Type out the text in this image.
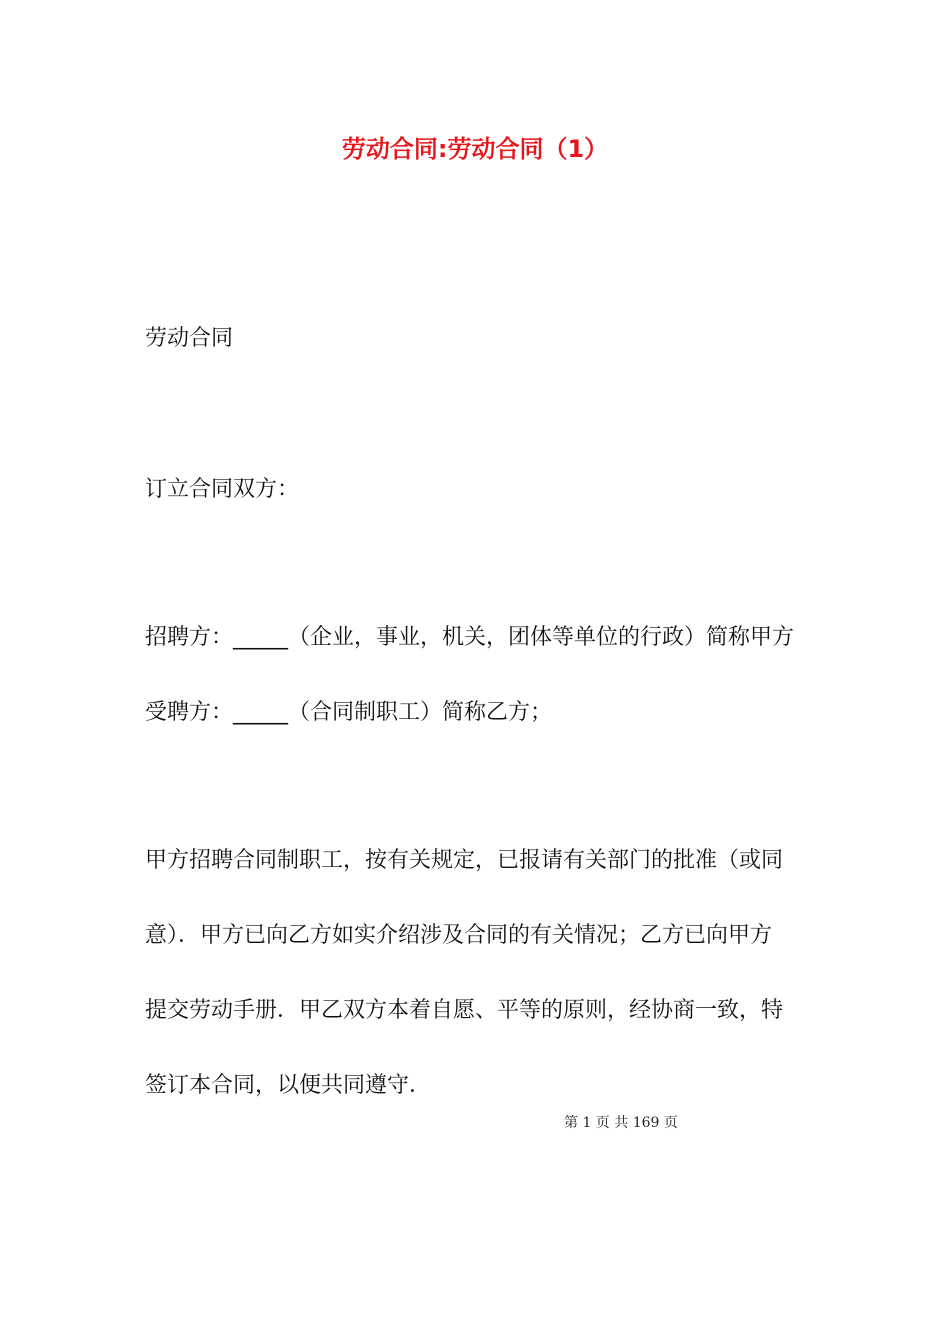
劳动合同:劳动合同（1）
劳动合同
订立合同双方：
招聘方：_____（企业，事业，机关，团体等单位的行政）简称甲方
受聘方：_____（合同制职工）简称乙方；
甲方招聘合同制职工，按有关规定，已报请有关部门的批准（或同
意）．甲方已向乙方如实介绍涉及合同的有关情况；乙方已向甲方
提交劳动手册．甲乙双方本着自愿、平等的原则，经协商一致，特
签订本合同，以便共同遵守．
第 1 页 共 169 页
